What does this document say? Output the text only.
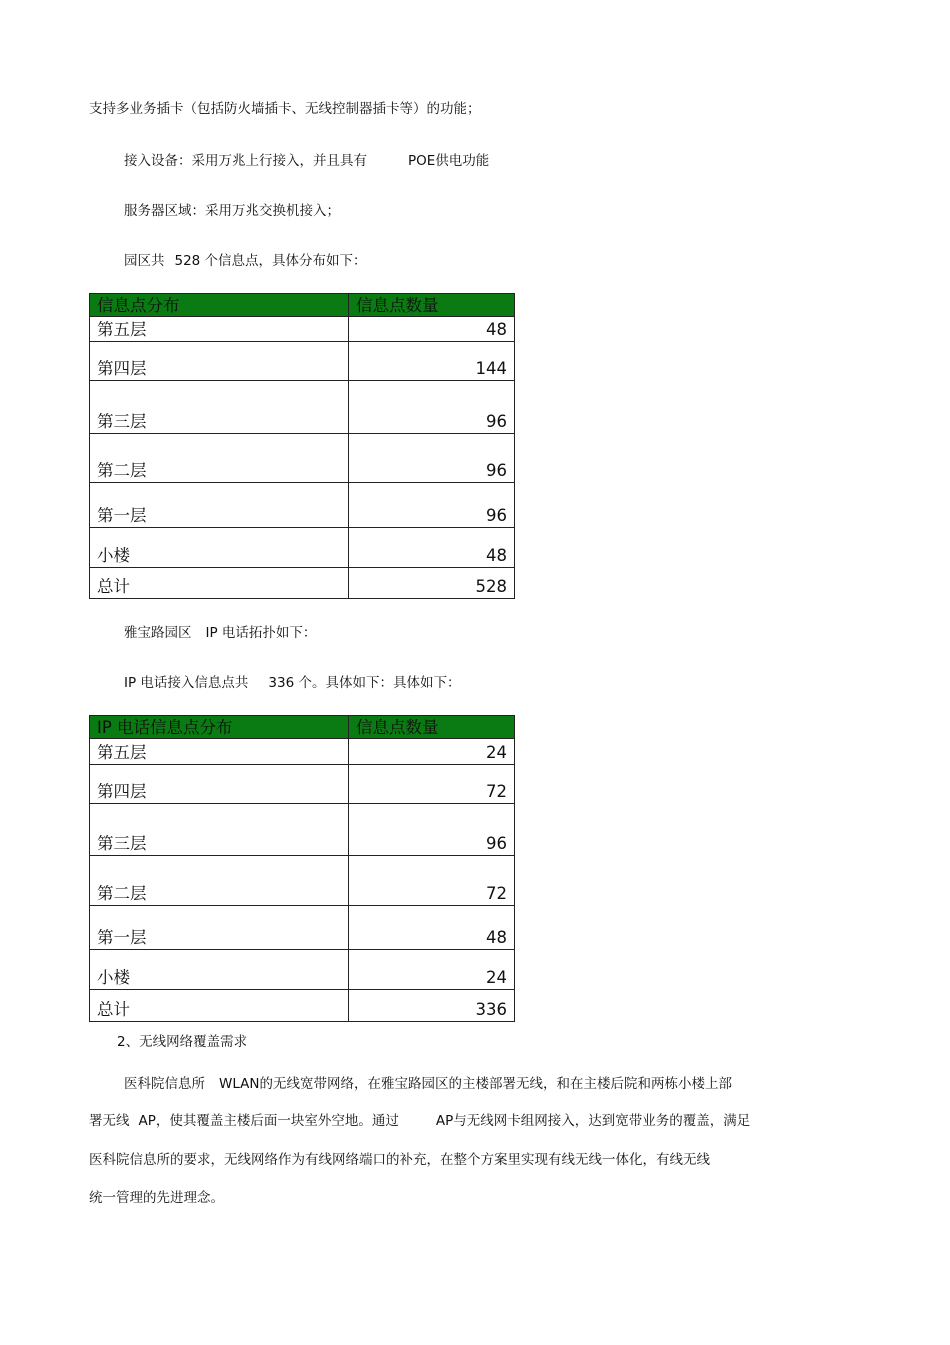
支持多业务插卡（包括防火墙插卡、无线控制器插卡等）的功能；
接入设备：采用万兆上行接入，并且具有	POE供电功能
服务器区域：采用万兆交换机接入；
园区共 528 个信息点，具体分布如下：
信息点分布	信息点数量
第五层	48
第四层	144
第三层	96
第二层	96
第一层	96
小楼	48
总计	528
雅宝路园区 IP 电话拓扑如下：
IP 电话接入信息点共 336 个。具体如下：具体如下：
IP 电话信息点分布	信息点数量
第五层	24
第四层	72
第三层	96
第二层	72
第一层	48
小楼	24
总计	336
2、无线网络覆盖需求
医科院信息所 WLAN的无线宽带网络，在雅宝路园区的主楼部署无线，和在主楼后院和两栋小楼上部
署无线 AP，使其覆盖主楼后面一块室外空地。通过	AP与无线网卡组网接入，达到宽带业务的覆盖，满足
医科院信息所的要求，无线网络作为有线网络端口的补充，在整个方案里实现有线无线一体化，有线无线
统一管理的先进理念。
